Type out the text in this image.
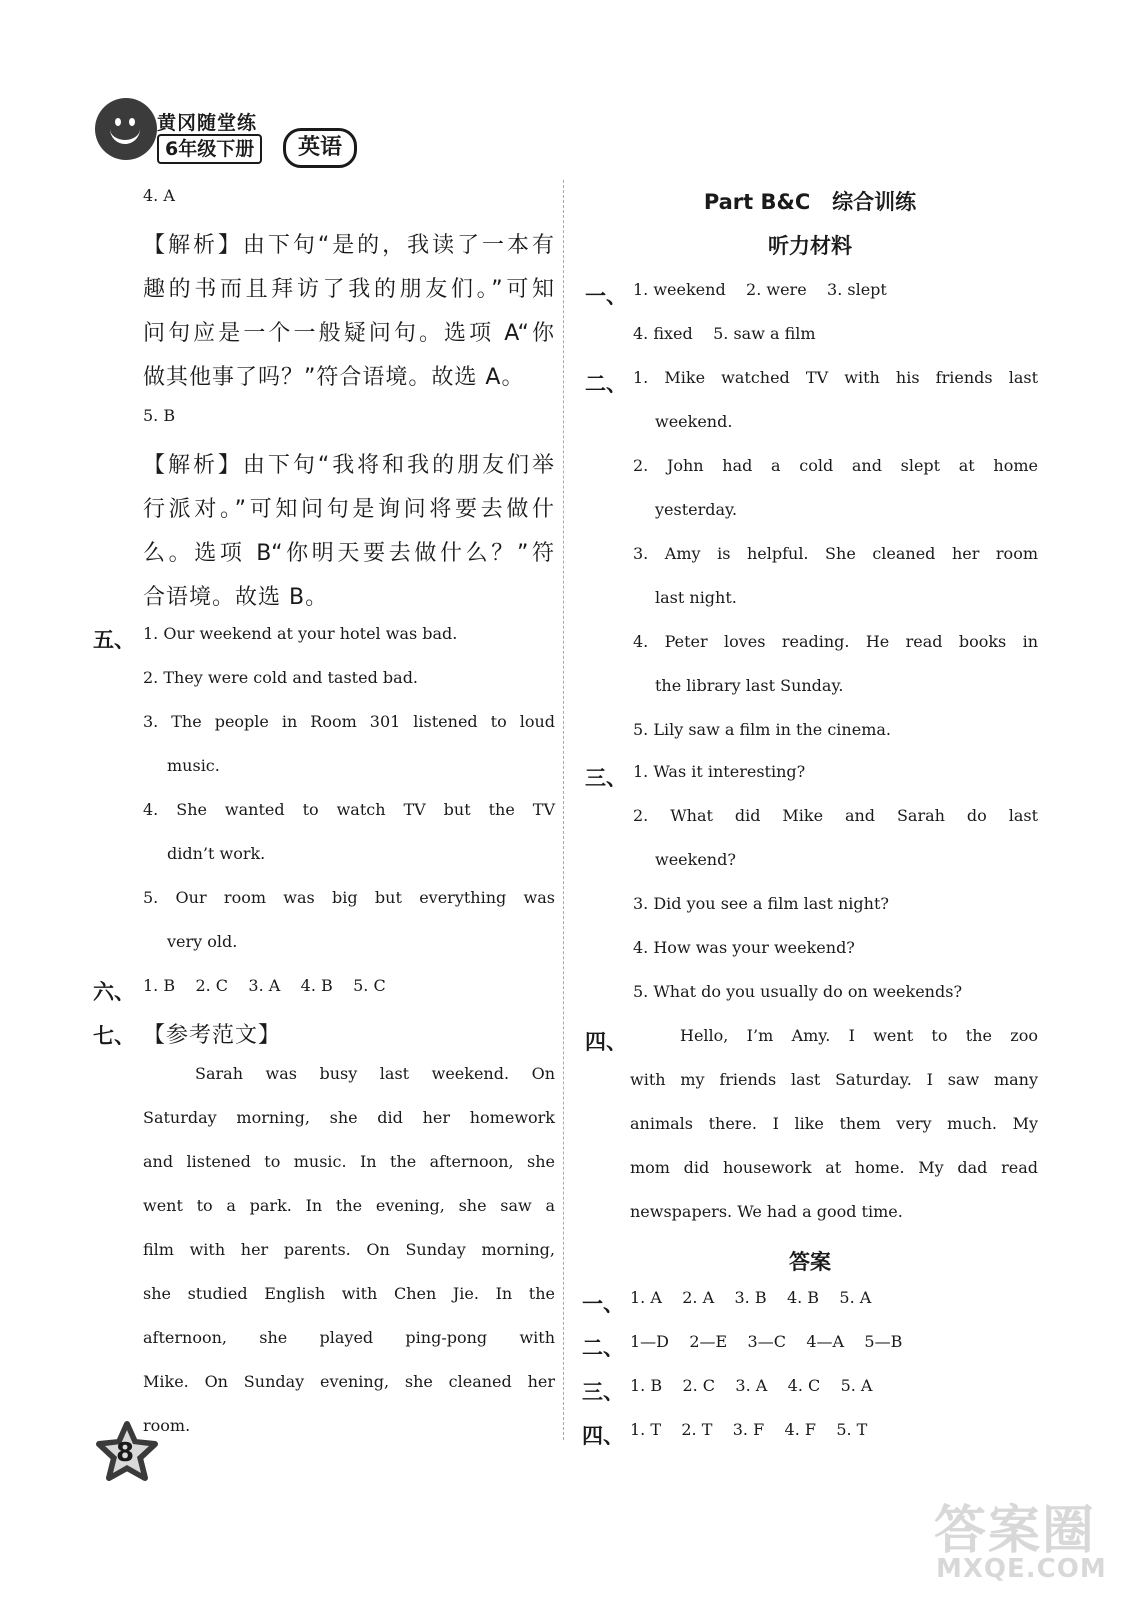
黄冈随堂练
6年级下册	英语
4. A
【解析】由下句“是的，我读了一本有
趣的书而且拜访了我的朋友们。”可知
问句应是一个一般疑问句。选项 A“你
做其他事了吗？”符合语境。故选 A。
5. B
【解析】由下句“我将和我的朋友们举
行派对。”可知问句是询问将要去做什
么。选项 B“你明天要去做什么？”符
合语境。故选 B。
五、 1. Our weekend at your hotel was bad.
2. They were cold and tasted bad.
3. The people in Room 301 listened to loud
music.
4. She wanted to watch TV but the TV
didn’t work.
5. Our room was big but everything was
very old.
六、 1. B    2. C    3. A    4. B    5. C
七、 【参考范文】
Sarah was busy last weekend. On
Saturday morning, she did her homework
and listened to music. In the afternoon, she
went to a park. In the evening, she saw a
film with her parents. On Sunday morning,
she studied English with Chen Jie. In the
afternoon, she played ping-pong with
Mike. On Sunday evening, she cleaned her
room.
Part B&C   综合训练
听力材料
一、 1. weekend    2. were    3. slept
4. fixed    5. saw a film
二、 1. Mike watched TV with his friends last
weekend.
2. John had a cold and slept at home
yesterday.
3. Amy is helpful. She cleaned her room
last night.
4. Peter loves reading. He read books in
the library last Sunday.
5. Lily saw a film in the cinema.
三、 1. Was it interesting?
2. What did Mike and Sarah do last
weekend?
3. Did you see a film last night?
4. How was your weekend?
5. What do you usually do on weekends?
四、	Hello, I’m Amy. I went to the zoo
with my friends last Saturday. I saw many
animals there. I like them very much. My
mom did housework at home. My dad read
newspapers. We had a good time.
答案
一、 1. A    2. A    3. B    4. B    5. A
二、 1—D    2—E    3—C    4—A    5—B
三、 1. B    2. C    3. A    4. C    5. A
四、 1. T    2. T    3. F    4. F    5. T
8
答案圈
MXQE.COM
